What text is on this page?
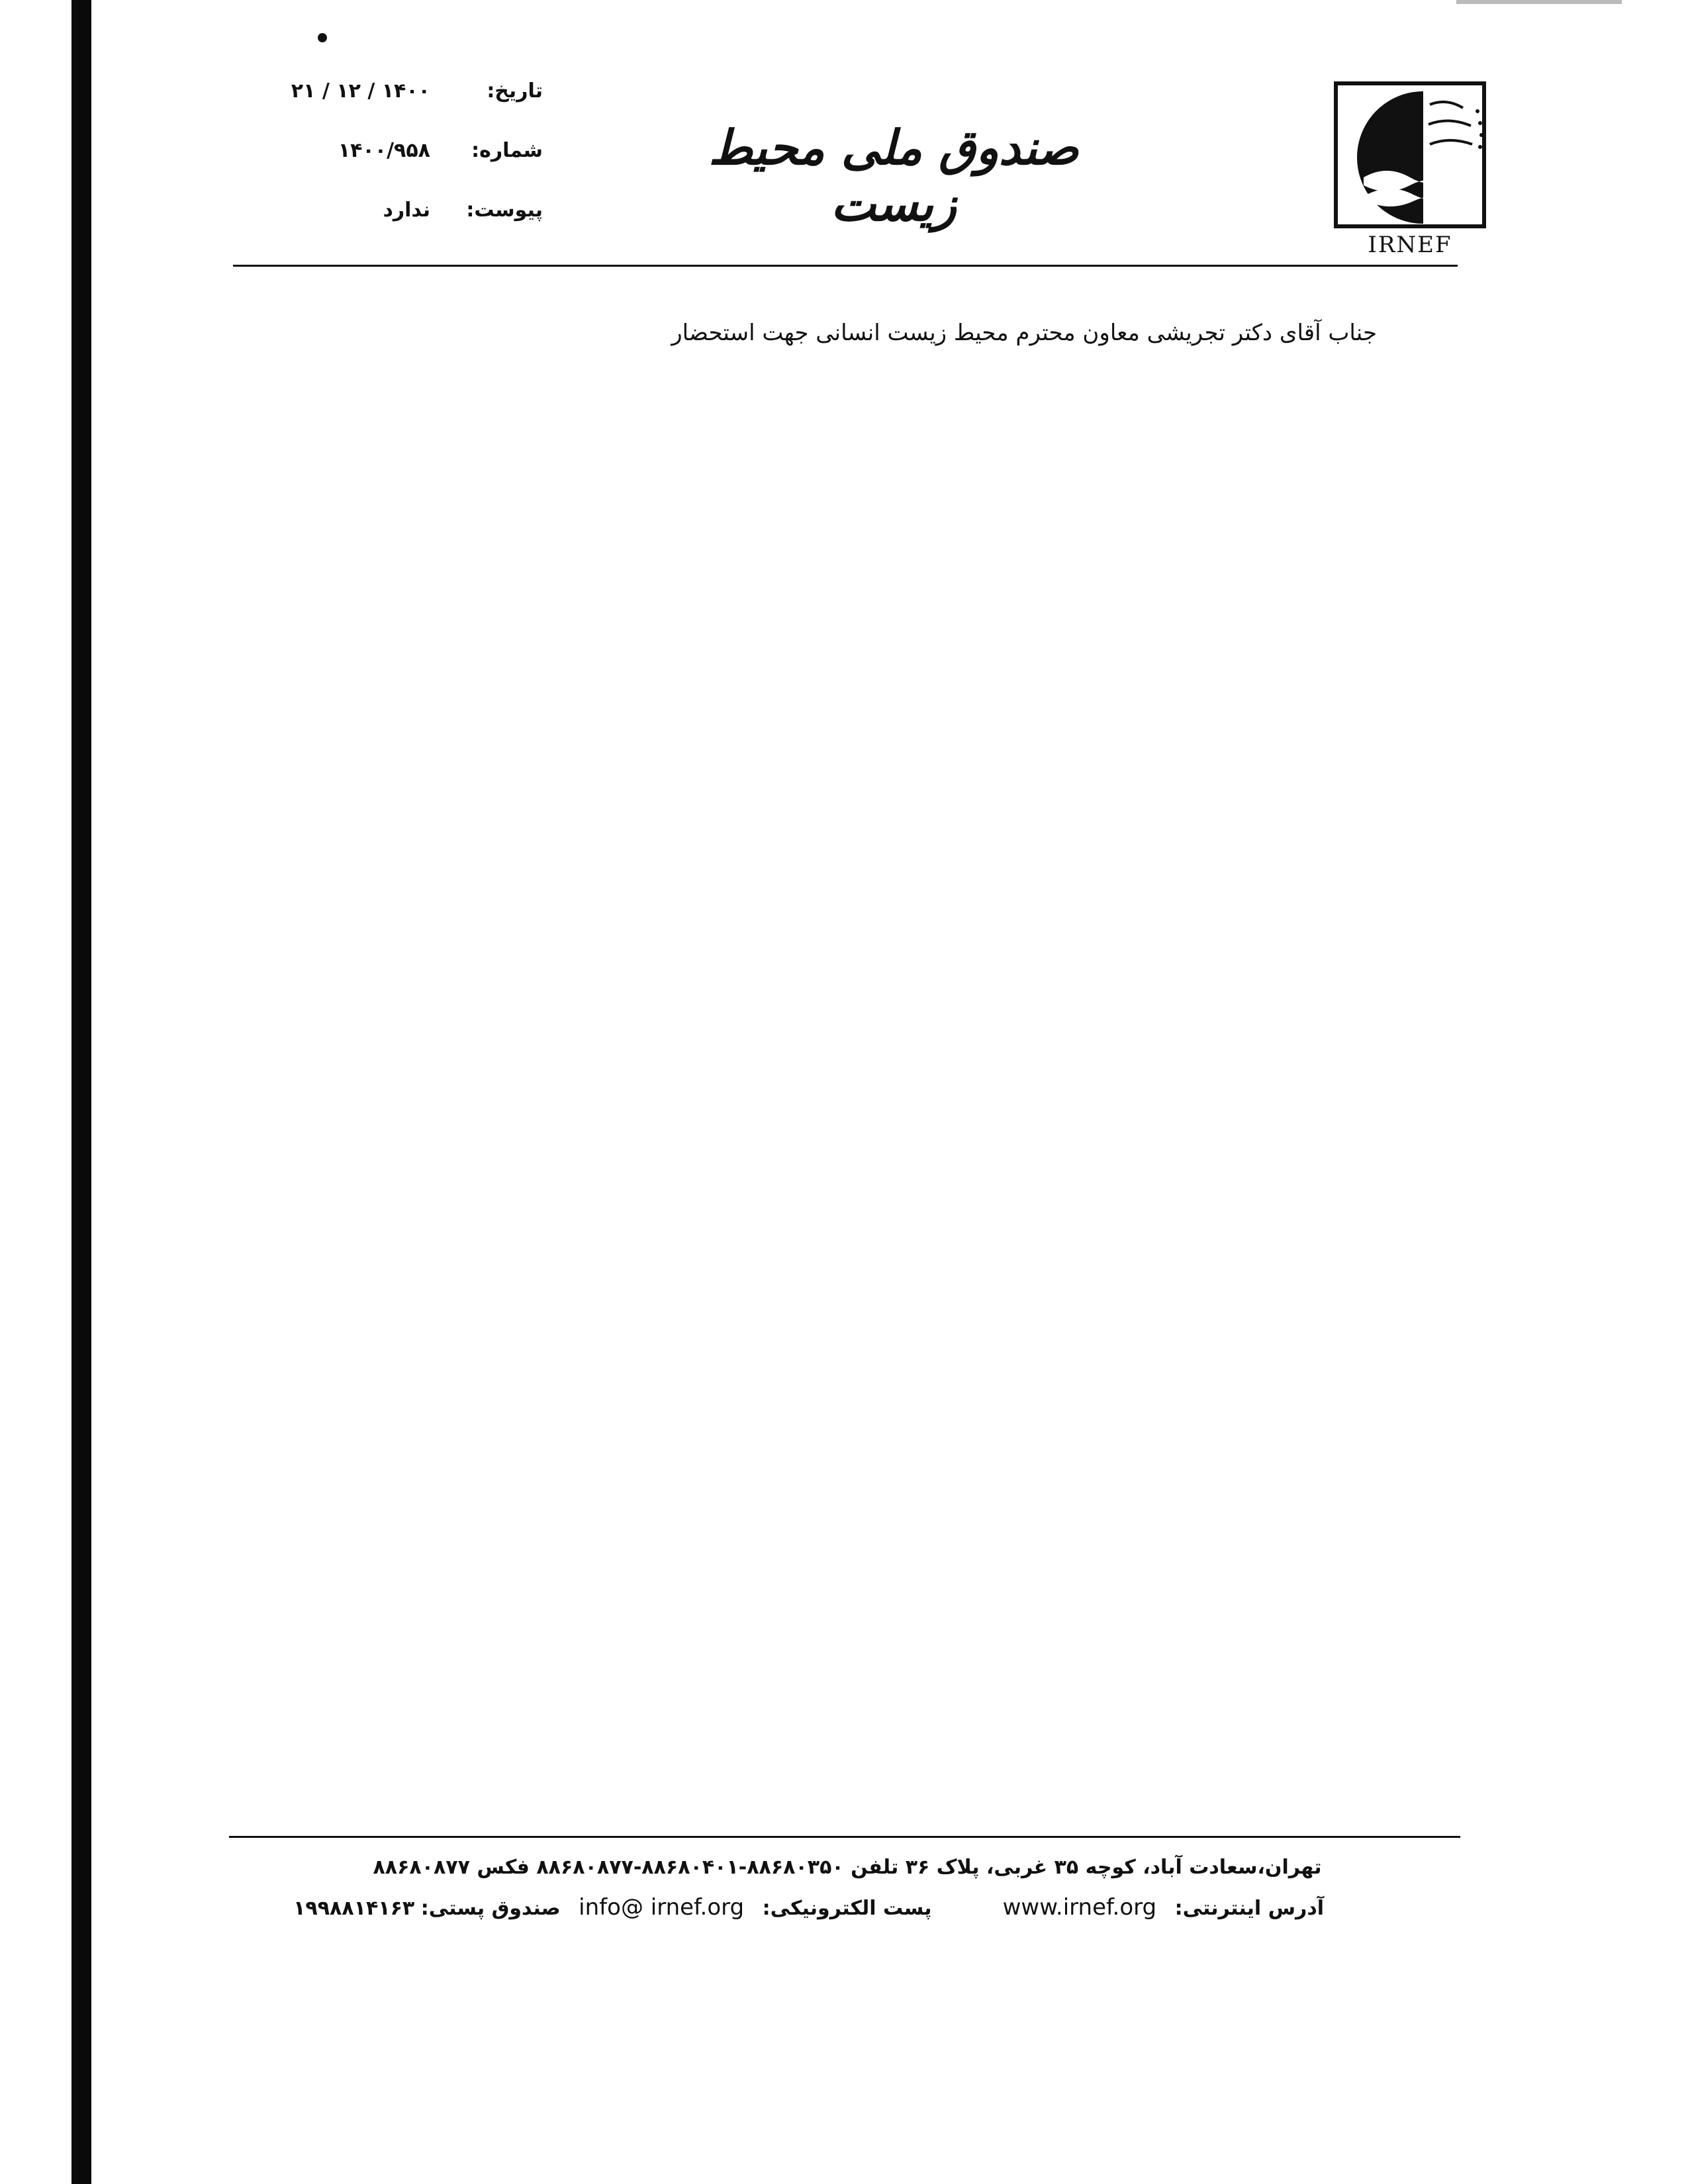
تاریخ:
۱۴۰۰ / ۱۲ / ۲۱
شماره:
۱۴۰۰/۹۵۸
پیوست:
ندارد
صندوق ملی محیط زیست
IRNEF
جناب آقای دکتر تجریشی معاون محترم محیط زیست انسانی جهت استحضار
تهران،سعادت آباد، کوچه ۳۵ غربی، پلاک ۳۶ تلفن ۸۸۶۸۰۳۵۰-۸۸۶۸۰۴۰۱-۸۸۶۸۰۸۷۷ فکس ۸۸۶۸۰۸۷۷
آدرس اینترنتی: www.irnef.org  پست الکترونیکی: info@ irnef.org صندوق پستی: ۱۹۹۸۸۱۴۱۶۳
